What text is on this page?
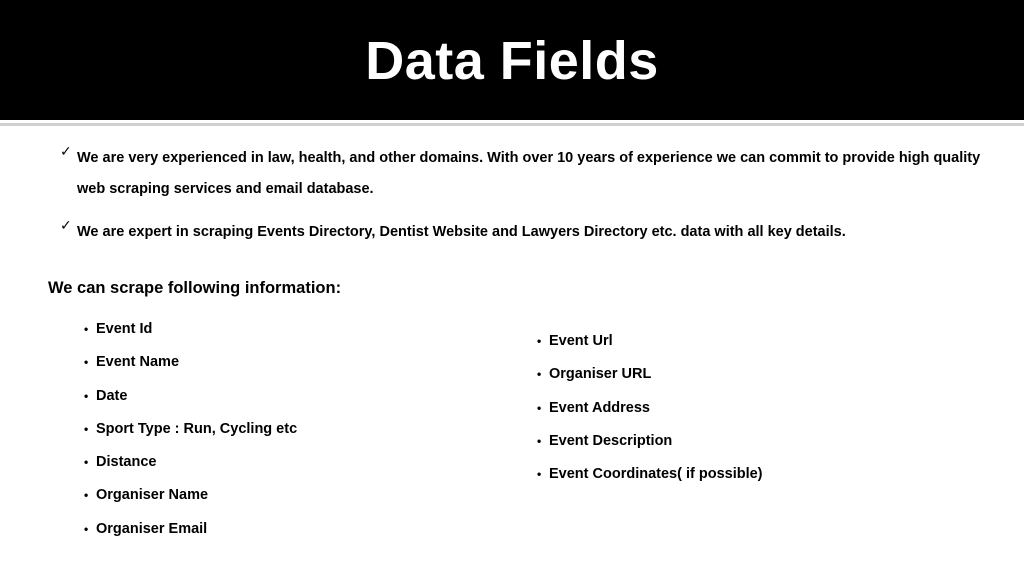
Data Fields
✓ We are very experienced in law, health, and other domains. With over 10 years of experience we can commit to provide high quality web scraping services and email database.
✓ We are expert in scraping Events Directory, Dentist Website and Lawyers Directory etc. data with all key details.
We can scrape following information:
• Event Id
• Event Name
• Date
• Sport Type : Run, Cycling etc
• Distance
• Organiser Name
• Organiser Email
• Event Url
• Organiser URL
• Event Address
• Event Description
• Event Coordinates( if possible)
